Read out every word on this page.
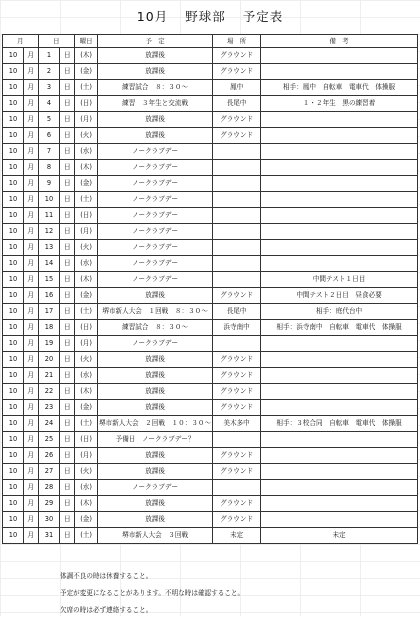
10月 野球部 予定表
月		日		曜日	予　定	場　所	備　考
10	月	1	日	(木)	放課後	グラウンド	
10	月	2	日	(金)	放課後	グラウンド	
10	月	3	日	(土)	練習試合　８：３０～	鳳中	相手：鳳中　自転車　電車代　体操服
10	月	4	日	(日)	練習　３年生と交流戦	長尾中	１・２年生　黒の練習着
10	月	5	日	(月)	放課後	グラウンド	
10	月	6	日	(火)	放課後	グラウンド	
10	月	7	日	(水)	ノークラブデー		
10	月	8	日	(木)	ノークラブデー		
10	月	9	日	(金)	ノークラブデー		
10	月	10	日	(土)	ノークラブデー		
10	月	11	日	(日)	ノークラブデー		
10	月	12	日	(月)	ノークラブデー		
10	月	13	日	(火)	ノークラブデー		
10	月	14	日	(水)	ノークラブデー		
10	月	15	日	(木)	ノークラブデー		中間テスト１日目
10	月	16	日	(金)	放課後	グラウンド	中間テスト２日目　昼食必要
10	月	17	日	(土)	堺市新人大会　１回戦　８：３０～	長尾中	相手：庭代台中
10	月	18	日	(日)	練習試合　８：３０～	浜寺南中	相手：浜寺南中　自転車　電車代　体操服
10	月	19	日	(月)	ノークラブデー		
10	月	20	日	(火)	放課後	グラウンド	
10	月	21	日	(水)	放課後	グラウンド	
10	月	22	日	(木)	放課後	グラウンド	
10	月	23	日	(金)	放課後	グラウンド	
10	月	24	日	(土)	堺市新人大会　２回戦　１０：３０～	美木多中	相手：３校合同　自転車　電車代　体操服
10	月	25	日	(日)	予備日　ノークラブデー？		
10	月	26	日	(月)	放課後	グラウンド	
10	月	27	日	(火)	放課後	グラウンド	
10	月	28	日	(水)	ノークラブデー		
10	月	29	日	(木)	放課後	グラウンド	
10	月	30	日	(金)	放課後	グラウンド	
10	月	31	日	(土)	堺市新人大会　３回戦	未定	未定
体調不良の時は休養すること。
予定が変更になることがあります。不明な時は確認すること。
欠席の時は必ず連絡すること。
